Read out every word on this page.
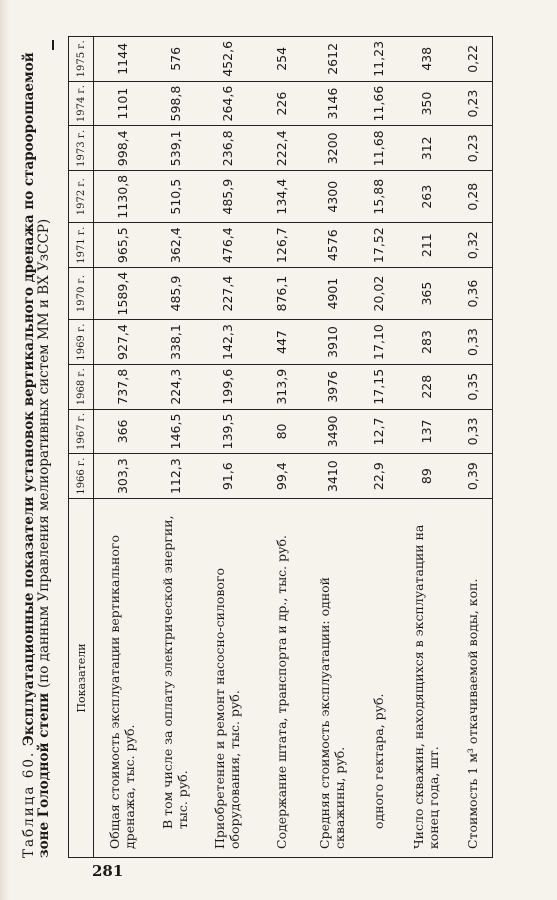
Таблица 60. Эксплуатационные показатели установок вертикального дренажа по староорошаемой зоне Голодной степи (по данным Управления мелиоративных систем ММ и ВХ УзССР) Показатели	1966 г.	1967 г.	1968 г.	1969 г.	1970 г.	1971 г.	1972 г.	1973 г.	1974 г.	1975 г.
Общая стоимость эксплуатации вертикального дренажа, тыс. руб.	303,3	366	737,8	927,4	1589,4	965,5	1130,8	998,4	1101	1144
В том числе за оплату электрической энергии, тыс. руб.	112,3	146,5	224,3	338,1	485,9	362,4	510,5	539,1	598,8	576
Приобретение и ремонт насосно-силового оборудования, тыс. руб.	91,6	139,5	199,6	142,3	227,4	476,4	485,9	236,8	264,6	452,6
Содержание штата, транспорта и др., тыс. руб.	99,4	80	313,9	447	876,1	126,7	134,4	222,4	226	254
Средняя стоимость эксплуатации: одной скважины, руб.	3410	3490	3976	3910	4901	4576	4300	3200	3146	2612
одного гектара, руб.	22,9	12,7	17,15	17,10	20,02	17,52	15,88	11,68	11,66	11,23
Число скважин, находящихся в эксплуатации на конец года, шт.	89	137	228	283	365	211	263	312	350	438
Стоимость 1 м³ откачиваемой воды, коп.	0,39	0,33	0,35	0,33	0,36	0,32	0,28	0,23	0,23	0,22
281
